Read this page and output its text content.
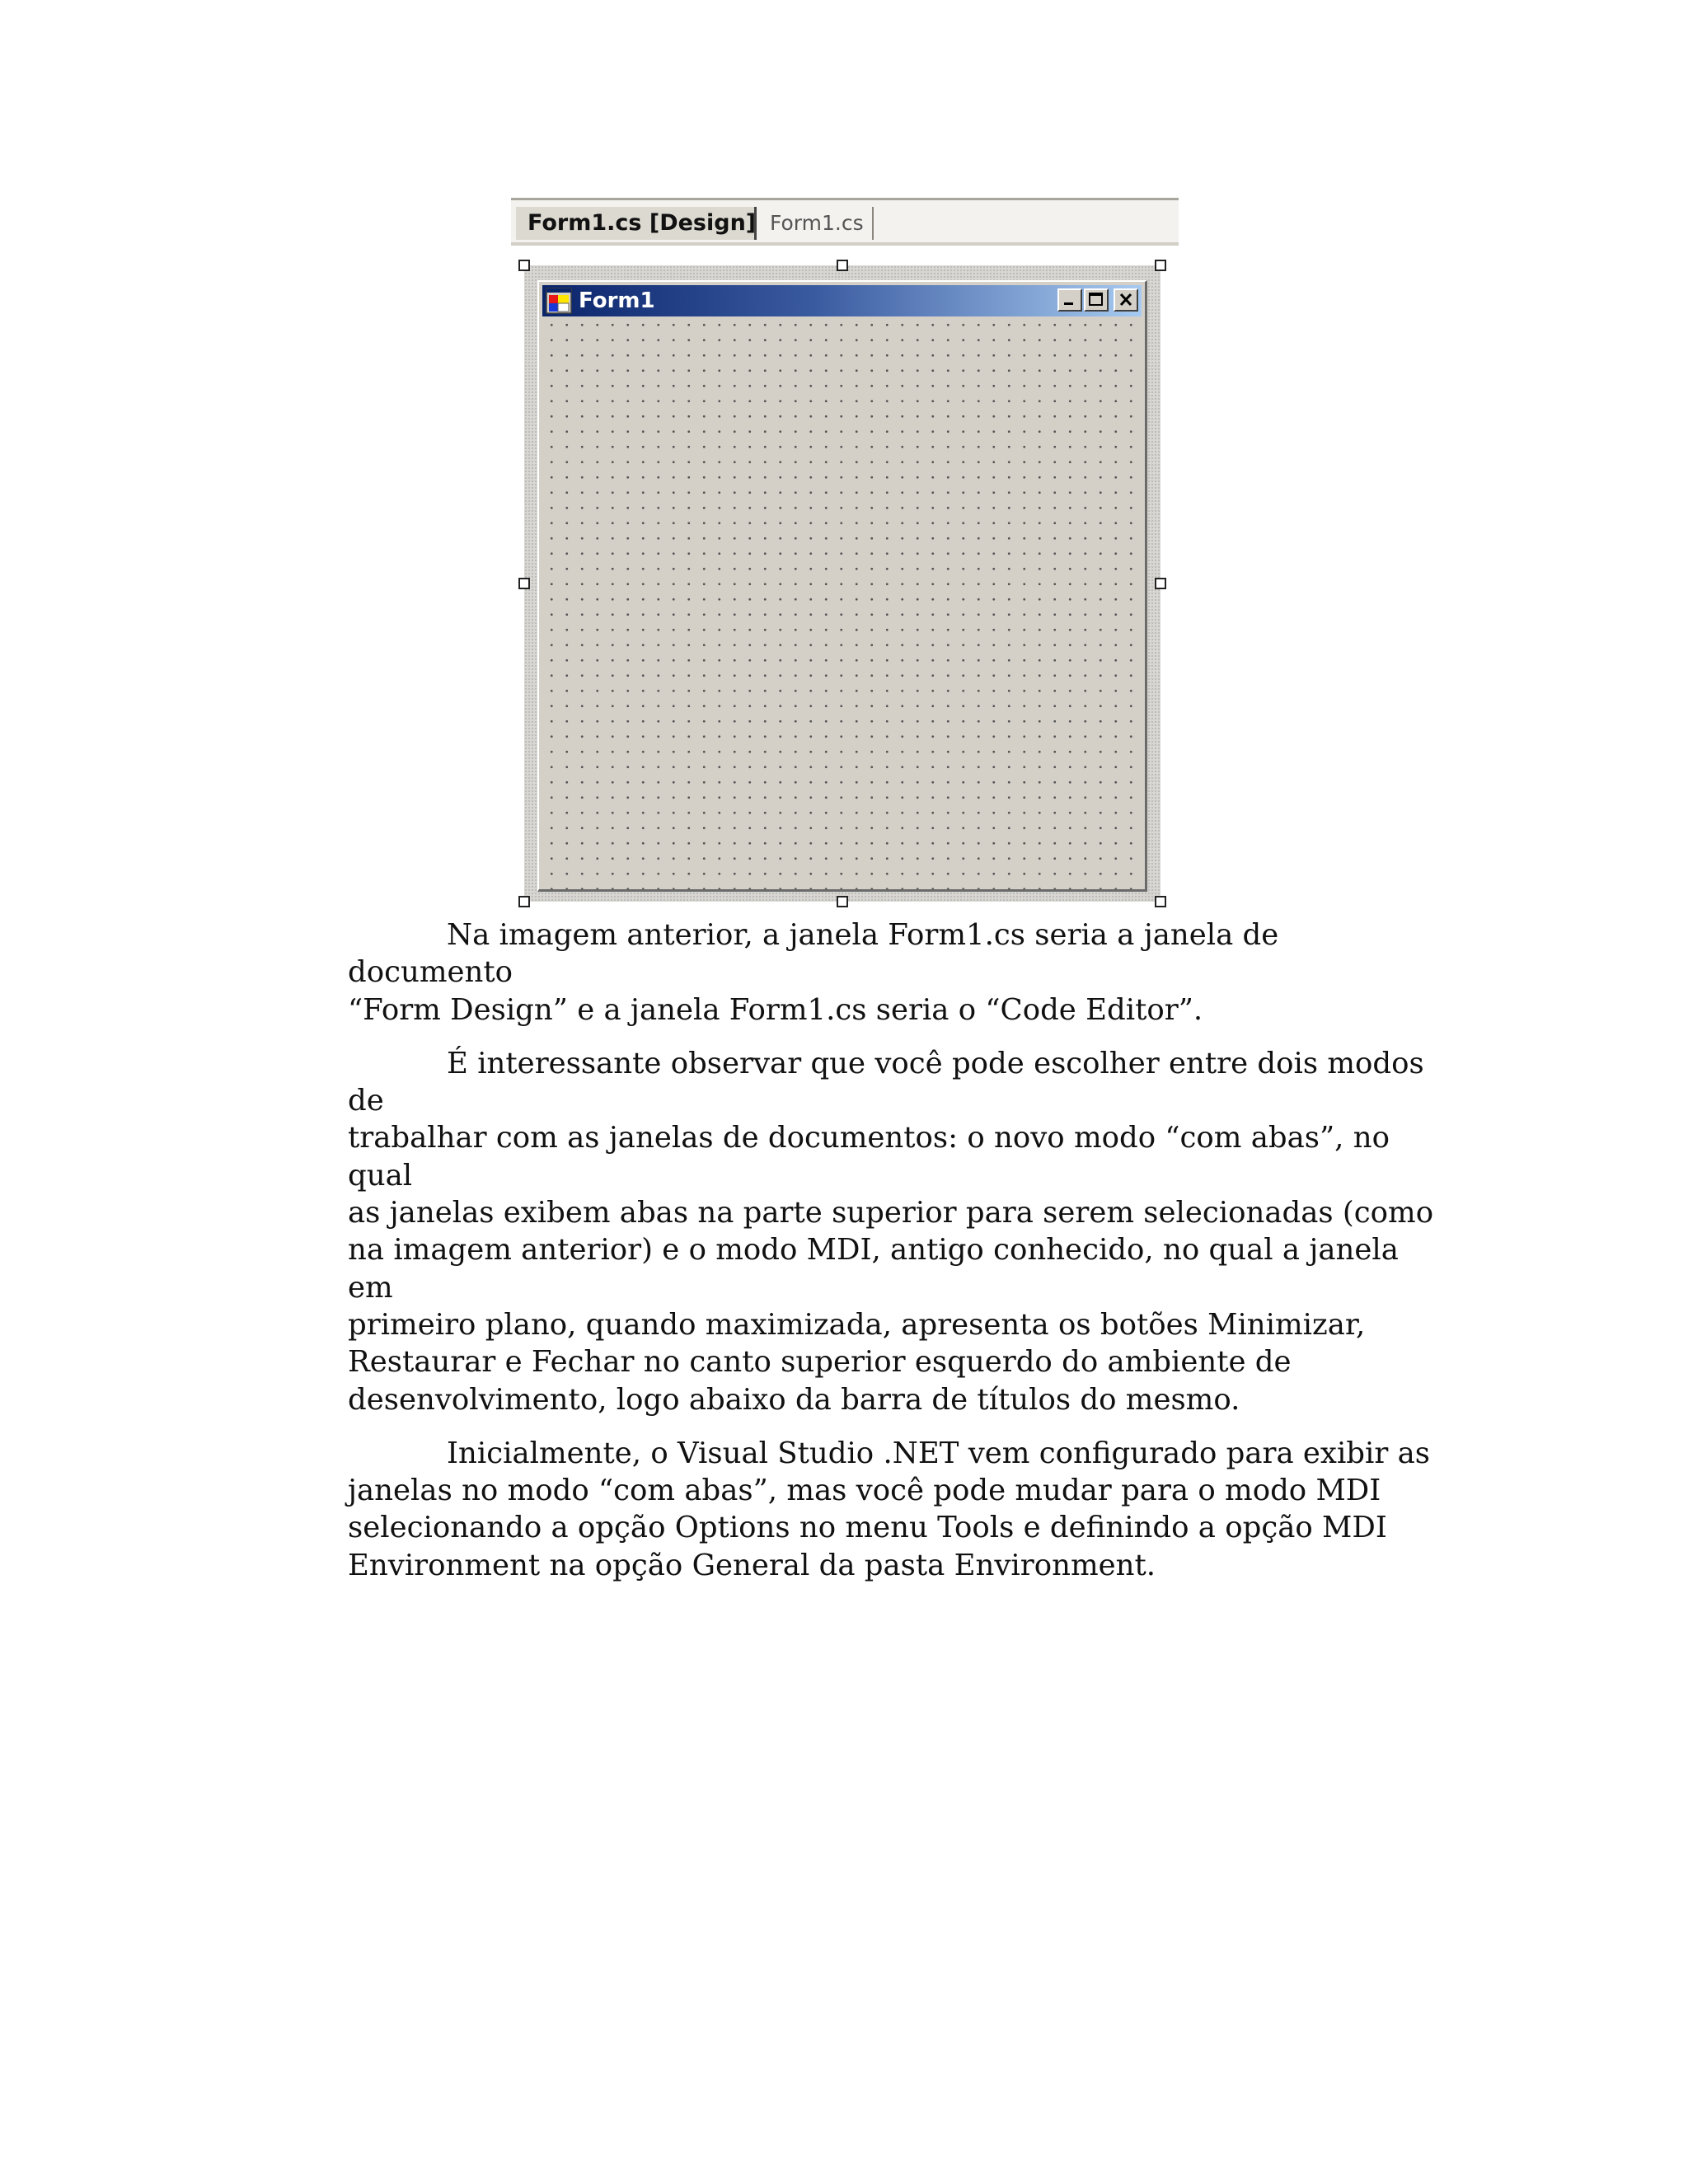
Form1.cs [Design] Form1.cs
Form1

Na imagem anterior, a janela Form1.cs seria a janela de documento
“Form Design” e a janela Form1.cs seria o “Code Editor”.

É interessante observar que você pode escolher entre dois modos de
trabalhar com as janelas de documentos: o novo modo “com abas”, no qual
as janelas exibem abas na parte superior para serem selecionadas (como
na imagem anterior) e o modo MDI, antigo conhecido, no qual a janela em
primeiro plano, quando maximizada, apresenta os botões Minimizar,
Restaurar e Fechar no canto superior esquerdo do ambiente de
desenvolvimento, logo abaixo da barra de títulos do mesmo.

Inicialmente, o Visual Studio .NET vem configurado para exibir as
janelas no modo “com abas”, mas você pode mudar para o modo MDI
selecionando a opção Options no menu Tools e definindo a opção MDI
Environment na opção General da pasta Environment.
